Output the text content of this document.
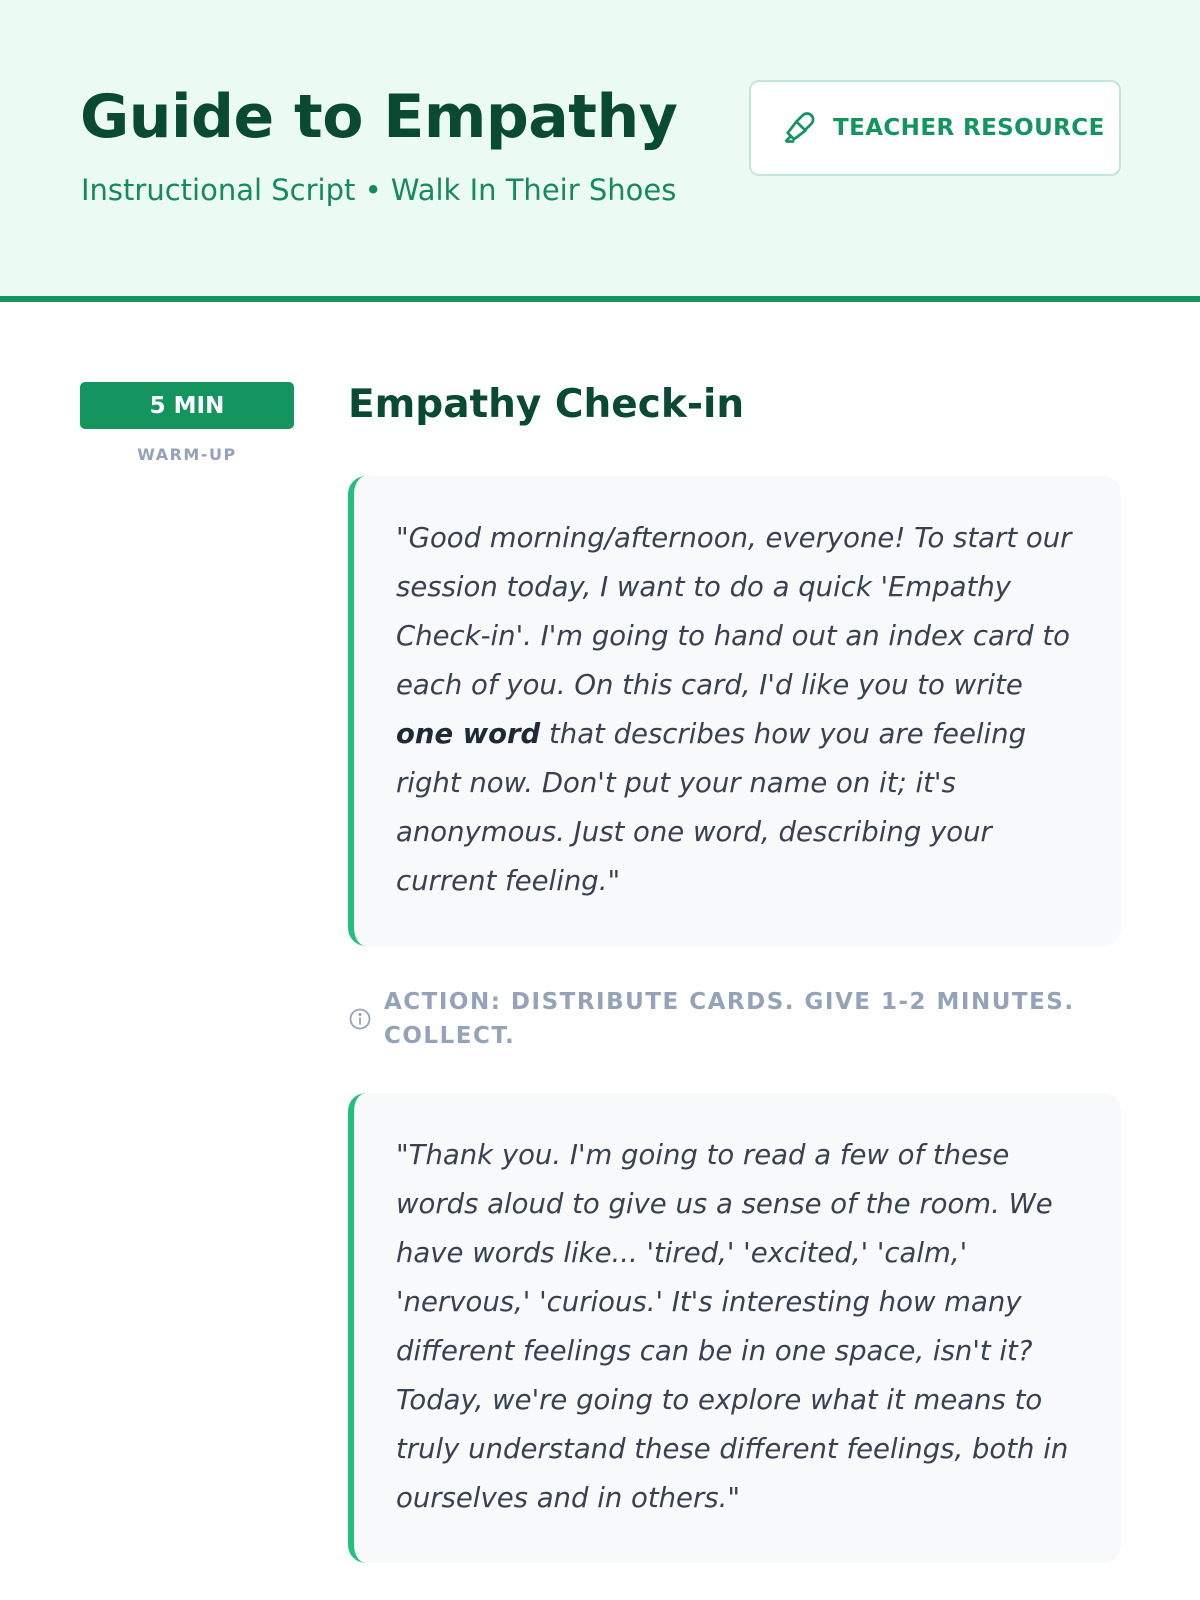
Guide to Empathy
Instructional Script • Walk In Their Shoes
TEACHER RESOURCE
5 MIN
WARM-UP
Empathy Check-in
"Good morning/afternoon, everyone! To start our session today, I want to do a quick 'Empathy Check-in'. I'm going to hand out an index card to each of you. On this card, I'd like you to write one word that describes how you are feeling right now. Don't put your name on it; it's anonymous. Just one word, describing your current feeling."
ACTION: DISTRIBUTE CARDS. GIVE 1-2 MINUTES. COLLECT.
"Thank you. I'm going to read a few of these words aloud to give us a sense of the room. We have words like... 'tired,' 'excited,' 'calm,' 'nervous,' 'curious.' It's interesting how many different feelings can be in one space, isn't it? Today, we're going to explore what it means to truly understand these different feelings, both in ourselves and in others."
